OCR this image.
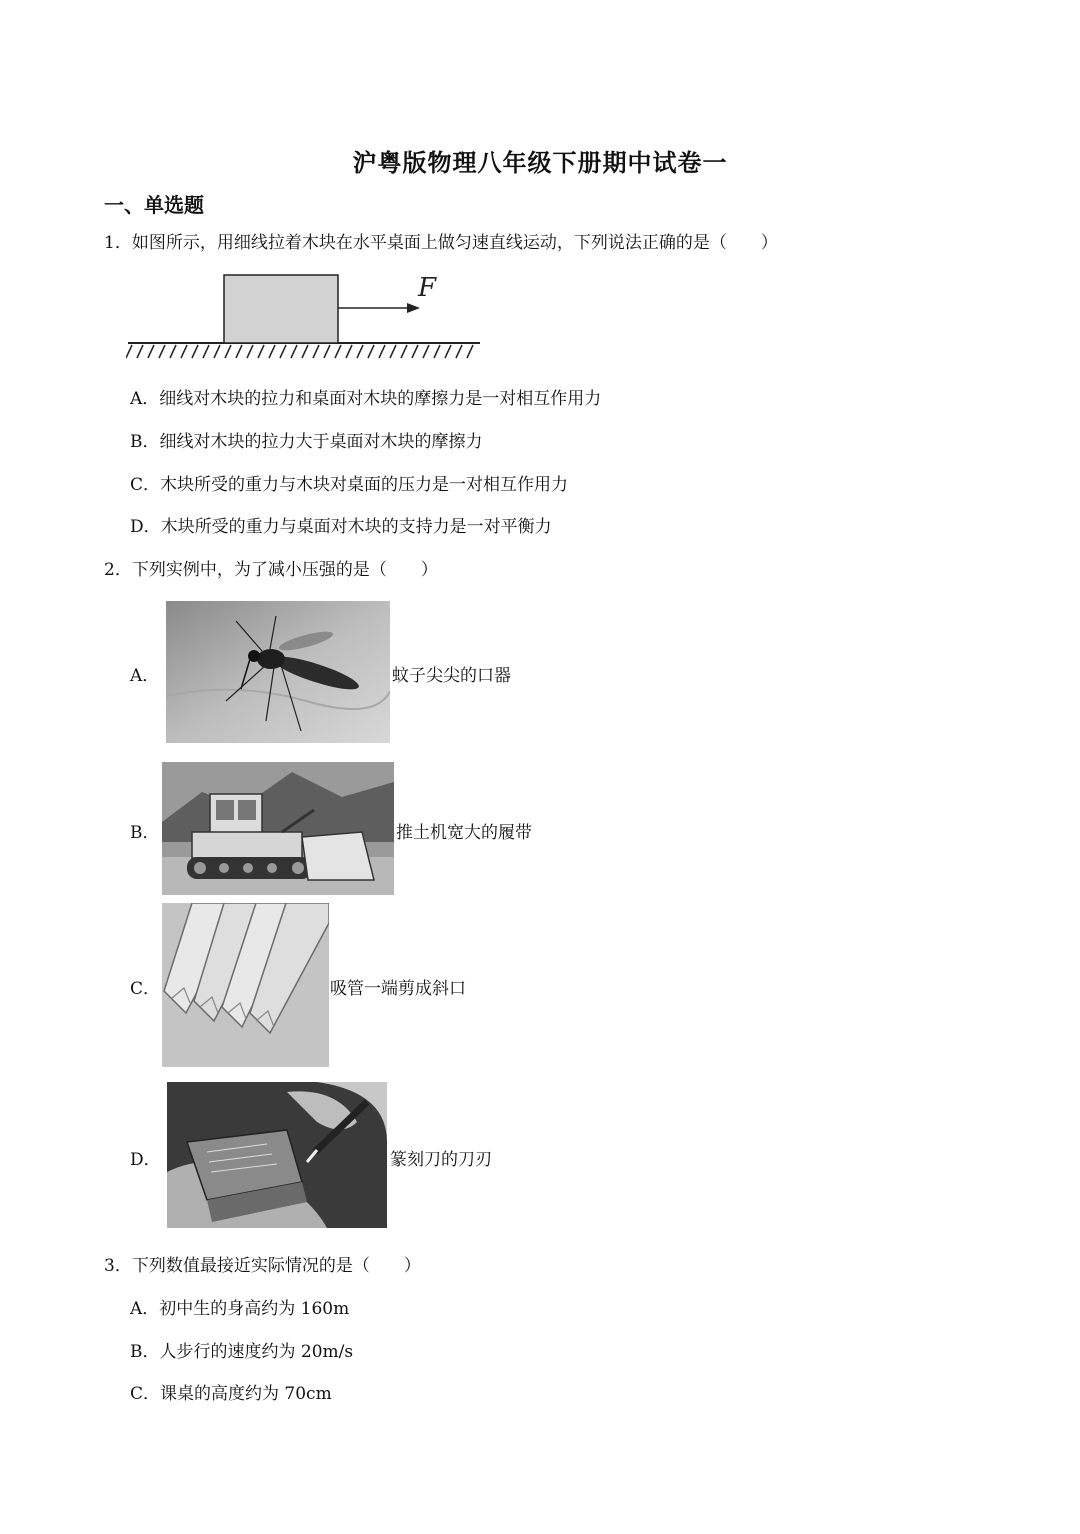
沪粤版物理八年级下册期中试卷一
一、单选题
1．如图所示，用细线拉着木块在水平桌面上做匀速直线运动，下列说法正确的是（　　）
F
A．细线对木块的拉力和桌面对木块的摩擦力是一对相互作用力
B．细线对木块的拉力大于桌面对木块的摩擦力
C．木块所受的重力与木块对桌面的压力是一对相互作用力
D．木块所受的重力与桌面对木块的支持力是一对平衡力
2．下列实例中，为了减小压强的是（　　）
A．	蚊子尖尖的口器
B．	推土机宽大的履带
C．	吸管一端剪成斜口
D．	篆刻刀的刀刃
3．下列数值最接近实际情况的是（　　）
A．初中生的身高约为 160m
B．人步行的速度约为 20m/s
C．课桌的高度约为 70cm
